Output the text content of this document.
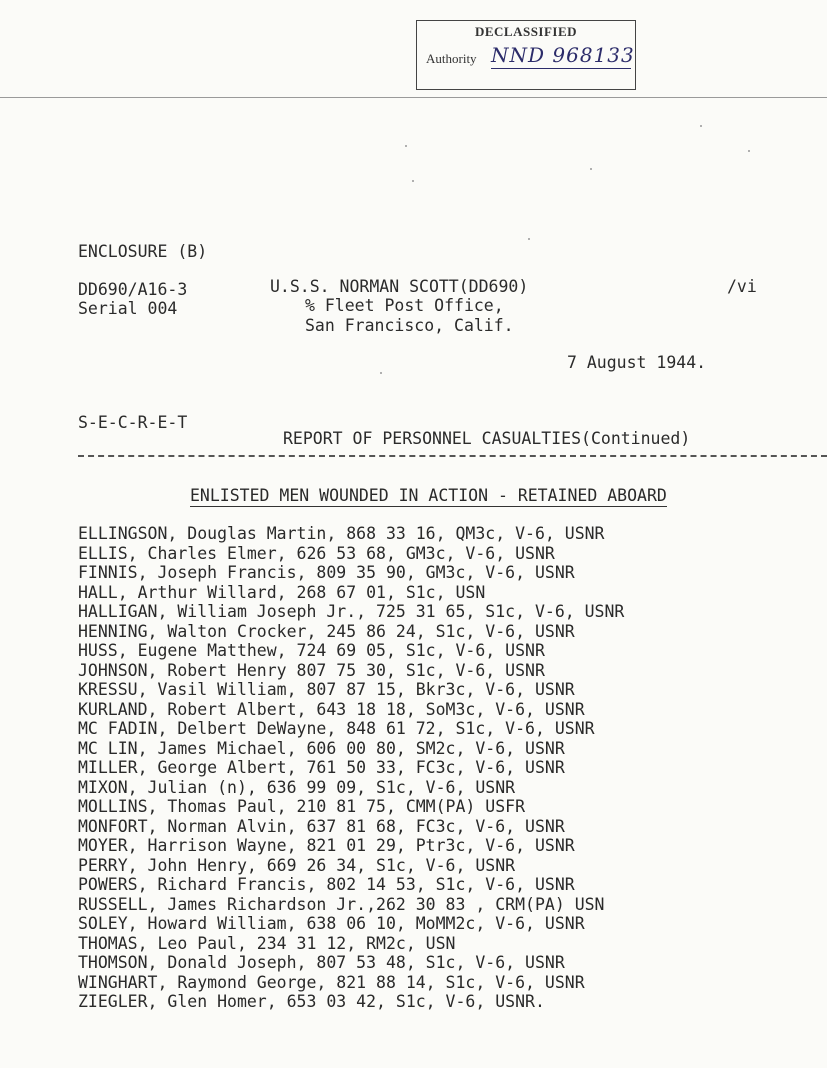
DECLASSIFIED
Authority NND 968133
ENCLOSURE (B)
DD690/A16-3
Serial 004
U.S.S. NORMAN SCOTT(DD690)
% Fleet Post Office,
San Francisco, Calif.
/vi
7 August 1944.
S-E-C-R-E-T
REPORT OF PERSONNEL CASUALTIES(Continued)
ENLISTED MEN WOUNDED IN ACTION - RETAINED ABOARD
ELLINGSON, Douglas Martin, 868 33 16, QM3c, V-6, USNR
ELLIS, Charles Elmer, 626 53 68, GM3c, V-6, USNR
FINNIS, Joseph Francis, 809 35 90, GM3c, V-6, USNR
HALL, Arthur Willard, 268 67 01, S1c, USN
HALLIGAN, William Joseph Jr., 725 31 65, S1c, V-6, USNR
HENNING, Walton Crocker, 245 86 24, S1c, V-6, USNR
HUSS, Eugene Matthew, 724 69 05, S1c, V-6, USNR
JOHNSON, Robert Henry 807 75 30, S1c, V-6, USNR
KRESSU, Vasil William, 807 87 15, Bkr3c, V-6, USNR
KURLAND, Robert Albert, 643 18 18, SoM3c, V-6, USNR
MC FADIN, Delbert DeWayne, 848 61 72, S1c, V-6, USNR
MC LIN, James Michael, 606 00 80, SM2c, V-6, USNR
MILLER, George Albert, 761 50 33, FC3c, V-6, USNR
MIXON, Julian (n), 636 99 09, S1c, V-6, USNR
MOLLINS, Thomas Paul, 210 81 75, CMM(PA) USFR
MONFORT, Norman Alvin, 637 81 68, FC3c, V-6, USNR
MOYER, Harrison Wayne, 821 01 29, Ptr3c, V-6, USNR
PERRY, John Henry, 669 26 34, S1c, V-6, USNR
POWERS, Richard Francis, 802 14 53, S1c, V-6, USNR
RUSSELL, James Richardson Jr.,262 30 83 , CRM(PA) USN
SOLEY, Howard William, 638 06 10, MoMM2c, V-6, USNR
THOMAS, Leo Paul, 234 31 12, RM2c, USN
THOMSON, Donald Joseph, 807 53 48, S1c, V-6, USNR
WINGHART, Raymond George, 821 88 14, S1c, V-6, USNR
ZIEGLER, Glen Homer, 653 03 42, S1c, V-6, USNR.
